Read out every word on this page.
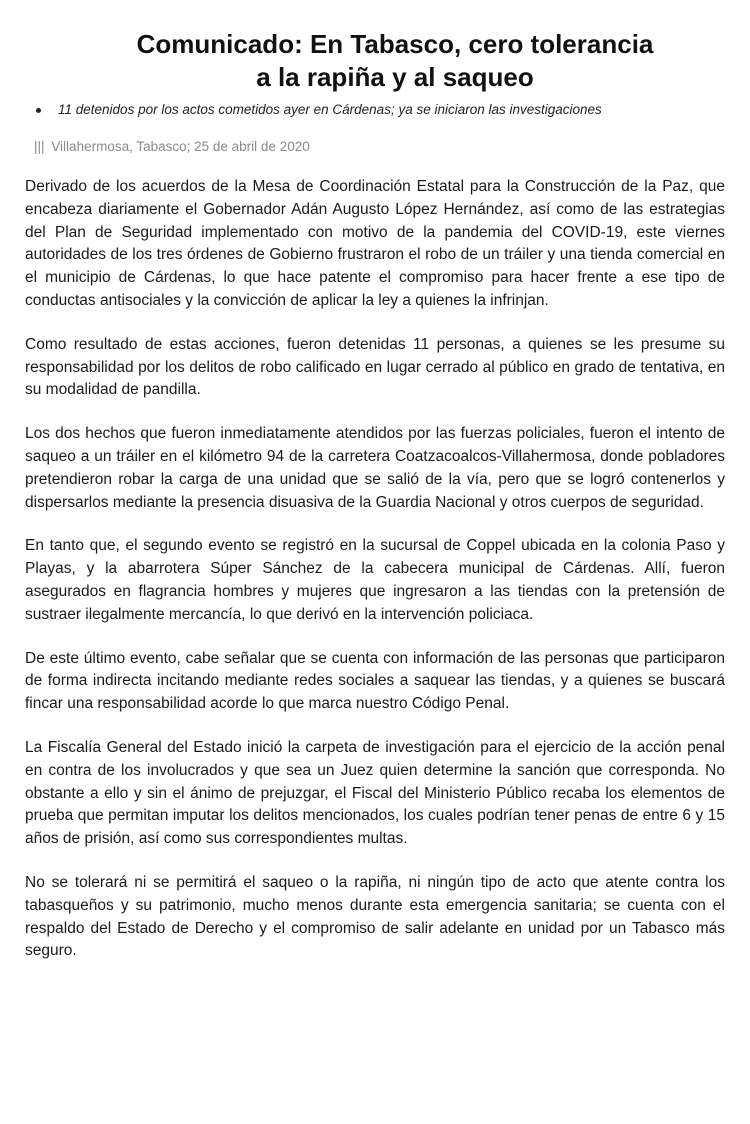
Comunicado: En Tabasco, cero tolerancia
a la rapiña y al saqueo
11 detenidos por los actos cometidos ayer en Cárdenas; ya se iniciaron las investigaciones
||| Villahermosa, Tabasco; 25 de abril de 2020

Derivado de los acuerdos de la Mesa de Coordinación Estatal para la Construcción de la Paz, que encabeza diariamente el Gobernador Adán Augusto López Hernández, así como de las estrategias del Plan de Seguridad implementado con motivo de la pandemia del COVID-19, este viernes autoridades de los tres órdenes de Gobierno frustraron el robo de un tráiler y una tienda comercial en el municipio de Cárdenas, lo que hace patente el compromiso para hacer frente a ese tipo de conductas antisociales y la convicción de aplicar la ley a quienes la infrinjan.

Como resultado de estas acciones, fueron detenidas 11 personas, a quienes se les presume su responsabilidad por los delitos de robo calificado en lugar cerrado al público en grado de tentativa, en su modalidad de pandilla.

Los dos hechos que fueron inmediatamente atendidos por las fuerzas policiales, fueron el intento de saqueo a un tráiler en el kilómetro 94 de la carretera Coatzacoalcos-Villahermosa, donde pobladores pretendieron robar la carga de una unidad que se salió de la vía, pero que se logró contenerlos y dispersarlos mediante la presencia disuasiva de la Guardia Nacional y otros cuerpos de seguridad.

En tanto que, el segundo evento se registró en la sucursal de Coppel ubicada en la colonia Paso y Playas, y la abarrotera Súper Sánchez de la cabecera municipal de Cárdenas. Allí, fueron asegurados en flagrancia hombres y mujeres que ingresaron a las tiendas con la pretensión de sustraer ilegalmente mercancía, lo que derivó en la intervención policiaca.

De este último evento, cabe señalar que se cuenta con información de las personas que participaron de forma indirecta incitando mediante redes sociales a saquear las tiendas, y a quienes se buscará fincar una responsabilidad acorde lo que marca nuestro Código Penal.

La Fiscalía General del Estado inició la carpeta de investigación para el ejercicio de la acción penal en contra de los involucrados y que sea un Juez quien determine la sanción que corresponda. No obstante a ello y sin el ánimo de prejuzgar, el Fiscal del Ministerio Público recaba los elementos de prueba que permitan imputar los delitos mencionados, los cuales podrían tener penas de entre 6 y 15 años de prisión, así como sus correspondientes multas.

No se tolerará ni se permitirá el saqueo o la rapiña, ni ningún tipo de acto que atente contra los tabasqueños y su patrimonio, mucho menos durante esta emergencia sanitaria; se cuenta con el respaldo del Estado de Derecho y el compromiso de salir adelante en unidad por un Tabasco más seguro.
